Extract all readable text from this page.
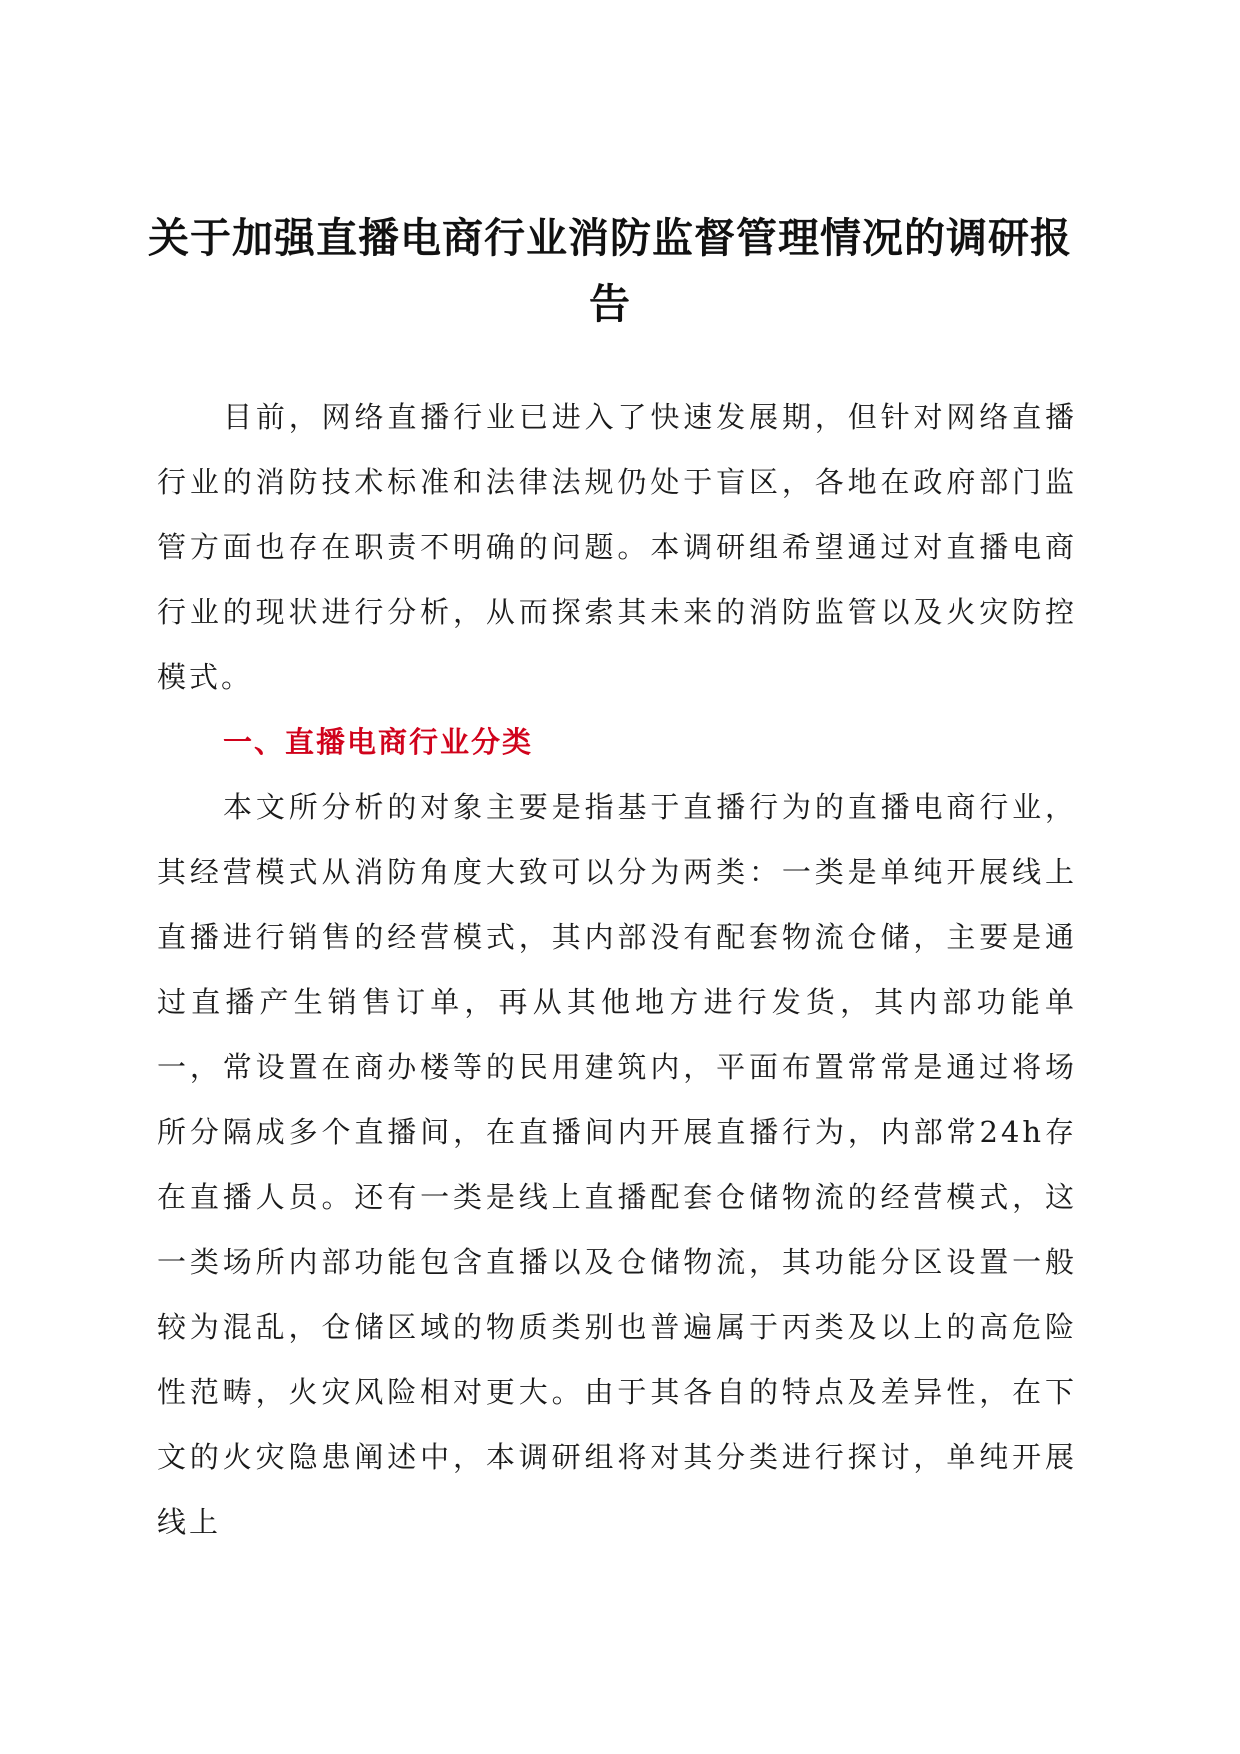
关于加强直播电商行业消防监督管理情况的调研报告

目前，网络直播行业已进入了快速发展期，但针对网络直播行业的消防技术标准和法律法规仍处于盲区，各地在政府部门监管方面也存在职责不明确的问题。本调研组希望通过对直播电商行业的现状进行分析，从而探索其未来的消防监管以及火灾防控模式。

一、直播电商行业分类

本文所分析的对象主要是指基于直播行为的直播电商行业，其经营模式从消防角度大致可以分为两类：一类是单纯开展线上直播进行销售的经营模式，其内部没有配套物流仓储，主要是通过直播产生销售订单，再从其他地方进行发货，其内部功能单一，常设置在商办楼等的民用建筑内，平面布置常常是通过将场所分隔成多个直播间，在直播间内开展直播行为，内部常24h存在直播人员。还有一类是线上直播配套仓储物流的经营模式，这一类场所内部功能包含直播以及仓储物流，其功能分区设置一般较为混乱，仓储区域的物质类别也普遍属于丙类及以上的高危险性范畴，火灾风险相对更大。由于其各自的特点及差异性，在下文的火灾隐患阐述中，本调研组将对其分类进行探讨，单纯开展线上
